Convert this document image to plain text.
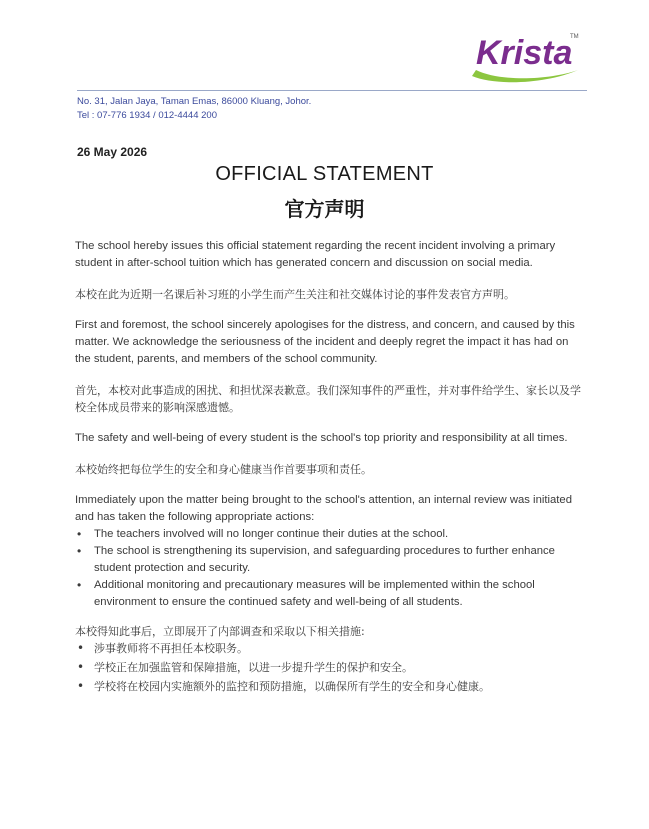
Krista
TM
No. 31, Jalan Jaya, Taman Emas, 86000 Kluang, Johor.
Tel : 07-776 1934 / 012-4444 200
26 May 2026
OFFICIAL STATEMENT
官方声明

The school hereby issues this official statement regarding the recent incident involving a primary student in after-school tuition which has generated concern and discussion on social media.

本校在此为近期一名课后补习班的小学生而产生关注和社交媒体讨论的事件发表官方声明。

First and foremost, the school sincerely apologises for the distress, and concern, and caused by this matter. We acknowledge the seriousness of the incident and deeply regret the impact it has had on the student, parents, and members of the school community.

首先，本校对此事造成的困扰、和担忧深表歉意。我们深知事件的严重性，并对事件给学生、家长以及学校全体成员带来的影响深感遗憾。

The safety and well-being of every student is the school's top priority and responsibility at all times.

本校始终把每位学生的安全和身心健康当作首要事项和责任。

Immediately upon the matter being brought to the school's attention, an internal review was initiated and has taken the following appropriate actions:

• The teachers involved will no longer continue their duties at the school.
• The school is strengthening its supervision, and safeguarding procedures to further enhance student protection and security.
• Additional monitoring and precautionary measures will be implemented within the school environment to ensure the continued safety and well-being of all students.

本校得知此事后，立即展开了内部调查和采取以下相关措施:

• 涉事教师将不再担任本校职务。
• 学校正在加强监管和保障措施，以进一步提升学生的保护和安全。
• 学校将在校园内实施额外的监控和预防措施，以确保所有学生的安全和身心健康。
